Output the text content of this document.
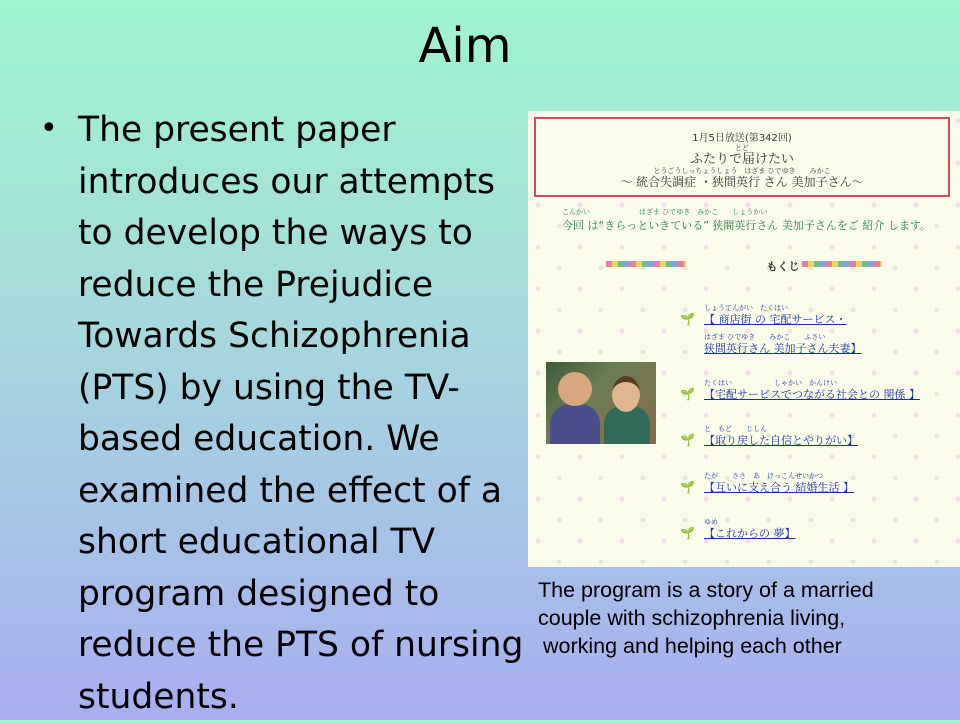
Aim
• The present paper introduces our attempts to develop the ways to reduce the Prejudice Towards Schizophrenia (PTS) by using the TV-based education. We examined the effect of a short educational TV program designed to reduce the PTS of nursing students.
1月5日放送(第342回)
とど
ふたりで届けたい
とうごうしっちょうしょう　はざま ひでゆき　　みかこ
～ 統合失調症 ・狭間英行 さん 美加子さん～
こんかい　　　　　　　はざま ひでゆき　みかこ　　しょうかい
今回 は“きらっといきている” 狭間英行さん 美加子さんをご 紹介 します。
もくじ
🌱
しょうてんがい　たくはい
【 商店街 の 宅配サービス・
はざま ひでゆき　　みかこ　　ふさい
狭間英行さん 美加子さん夫妻】
🌱
たくはい　　　　　　しゃかい　かんけい
【宅配サービスでつながる社会との 関係 】
🌱
と　もど　　じしん
【取り戻した自信とやりがい】
🌱
たが　　ささ　あ　けっこんせいかつ
【互いに支え合う 結婚生活 】
🌱
ゆめ
【これからの 夢】
The program is a story of a married
couple with schizophrenia living,
working and helping each other
